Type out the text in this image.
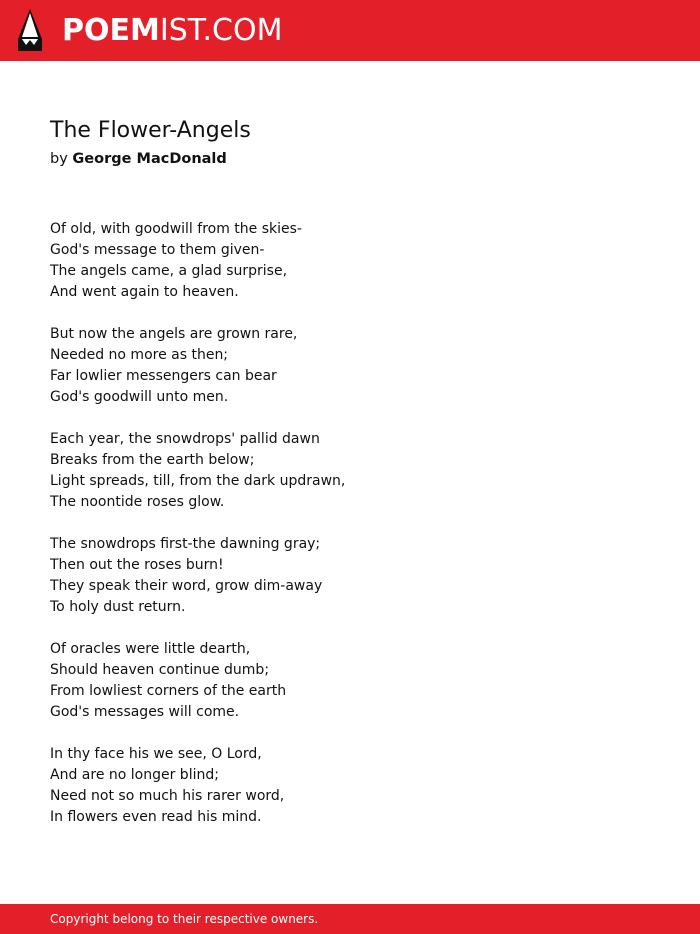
POEMIST.COM
The Flower-Angels
by George MacDonald
Of old, with goodwill from the skies-
God's message to them given-
The angels came, a glad surprise,
And went again to heaven.
But now the angels are grown rare,
Needed no more as then;
Far lowlier messengers can bear
God's goodwill unto men.
Each year, the snowdrops' pallid dawn
Breaks from the earth below;
Light spreads, till, from the dark updrawn,
The noontide roses glow.
The snowdrops first-the dawning gray;
Then out the roses burn!
They speak their word, grow dim-away
To holy dust return.
Of oracles were little dearth,
Should heaven continue dumb;
From lowliest corners of the earth
God's messages will come.
In thy face his we see, O Lord,
And are no longer blind;
Need not so much his rarer word,
In flowers even read his mind.
Copyright belong to their respective owners.
